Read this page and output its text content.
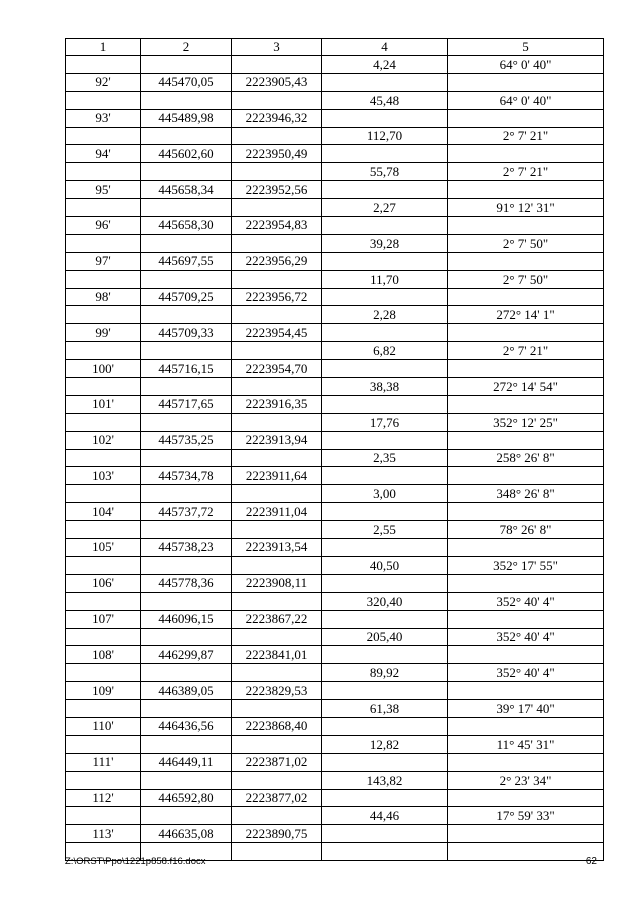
1	2	3	4	5
			4,24	64° 0' 40"
92'	445470,05	2223905,43		
			45,48	64° 0' 40"
93'	445489,98	2223946,32		
			112,70	2° 7' 21"
94'	445602,60	2223950,49		
			55,78	2° 7' 21"
95'	445658,34	2223952,56		
			2,27	91° 12' 31"
96'	445658,30	2223954,83		
			39,28	2° 7' 50"
97'	445697,55	2223956,29		
			11,70	2° 7' 50"
98'	445709,25	2223956,72		
			2,28	272° 14' 1"
99'	445709,33	2223954,45		
			6,82	2° 7' 21"
100'	445716,15	2223954,70		
			38,38	272° 14' 54"
101'	445717,65	2223916,35		
			17,76	352° 12' 25"
102'	445735,25	2223913,94		
			2,35	258° 26' 8"
103'	445734,78	2223911,64		
			3,00	348° 26' 8"
104'	445737,72	2223911,04		
			2,55	78° 26' 8"
105'	445738,23	2223913,54		
			40,50	352° 17' 55"
106'	445778,36	2223908,11		
			320,40	352° 40' 4"
107'	446096,15	2223867,22		
			205,40	352° 40' 4"
108'	446299,87	2223841,01		
			89,92	352° 40' 4"
109'	446389,05	2223829,53		
			61,38	39° 17' 40"
110'	446436,56	2223868,40		
			12,82	11° 45' 31"
111'	446449,11	2223871,02		
			143,82	2° 23' 34"
112'	446592,80	2223877,02		
			44,46	17° 59' 33"
113'	446635,08	2223890,75		

Z:\ORST\Ppo\1221p858.f16.docx	62
